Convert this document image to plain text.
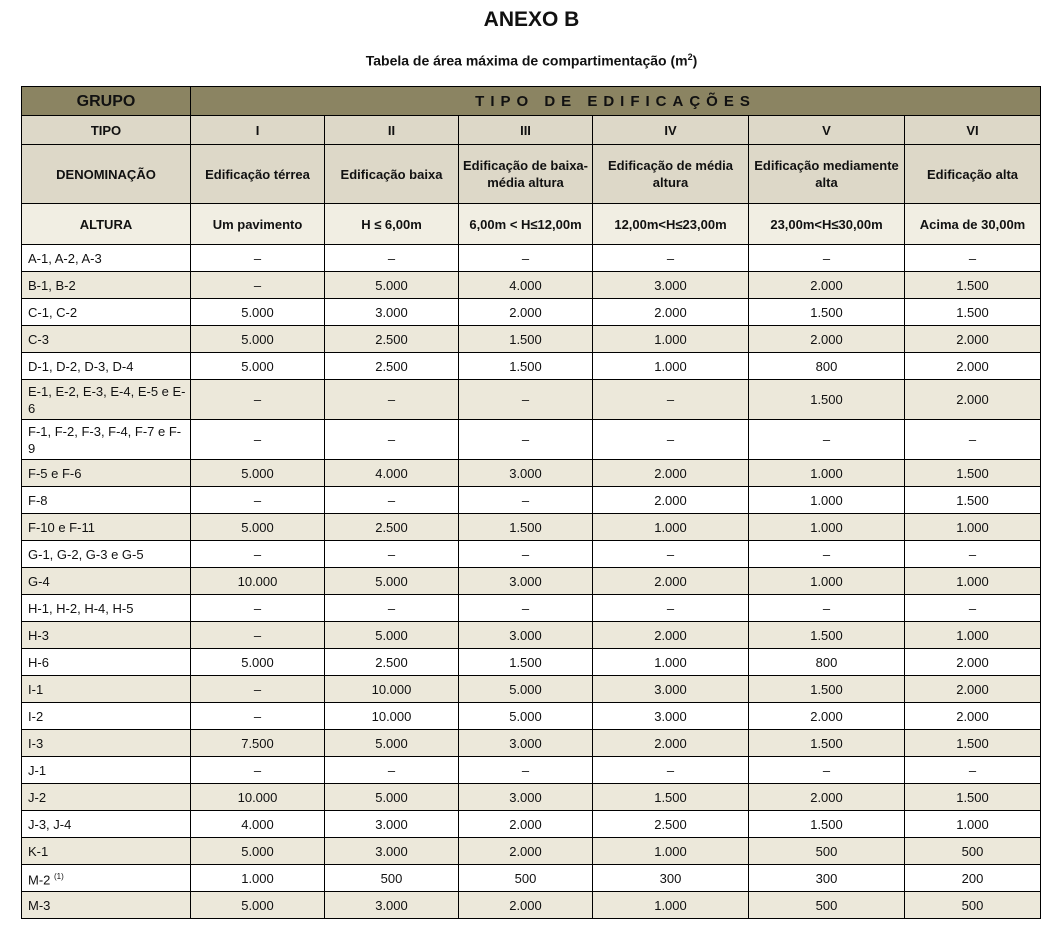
ANEXO B
Tabela de área máxima de compartimentação $(m^2)$
GRUPO	TIPO DE EDIFICAÇÕES					
TIPO	I	II	III	IV	V	VI
DENOMINAÇÃO	Edificação térrea	Edificação baixa	Edificação de baixa-média altura	Edificação de média altura	Edificação mediamente alta	Edificação alta
ALTURA	Um pavimento	H ≤ 6,00m	6,00m < H≤12,00m	12,00m<H≤23,00m	23,00m<H≤30,00m	Acima de 30,00m
A-1, A-2, A-3	–	–	–	–	–	–
B-1, B-2	–	5.000	4.000	3.000	2.000	1.500
C-1, C-2	5.000	3.000	2.000	2.000	1.500	1.500
C-3	5.000	2.500	1.500	1.000	2.000	2.000
D-1, D-2, D-3, D-4	5.000	2.500	1.500	1.000	800	2.000
E-1, E-2, E-3, E-4, E-5 e E-6	–	–	–	–	1.500	2.000
F-1, F-2, F-3, F-4, F-7 e F-9	–	–	–	–	–	–
F-5 e F-6	5.000	4.000	3.000	2.000	1.000	1.500
F-8	–	–	–	2.000	1.000	1.500
F-10 e F-11	5.000	2.500	1.500	1.000	1.000	1.000
G-1, G-2, G-3 e G-5	–	–	–	–	–	–
G-4	10.000	5.000	3.000	2.000	1.000	1.000
H-1, H-2, H-4, H-5	–	–	–	–	–	–
H-3	–	5.000	3.000	2.000	1.500	1.000
H-6	5.000	2.500	1.500	1.000	800	2.000
I-1	–	10.000	5.000	3.000	1.500	2.000
I-2	–	10.000	5.000	3.000	2.000	2.000
I-3	7.500	5.000	3.000	2.000	1.500	1.500
J-1	–	–	–	–	–	–
J-2	10.000	5.000	3.000	1.500	2.000	1.500
J-3, J-4	4.000	3.000	2.000	2.500	1.500	1.000
K-1	5.000	3.000	2.000	1.000	500	500
M-2 $^{(1)}$	1.000	500	500	300	300	200
M-3	5.000	3.000	2.000	1.000	500	500
